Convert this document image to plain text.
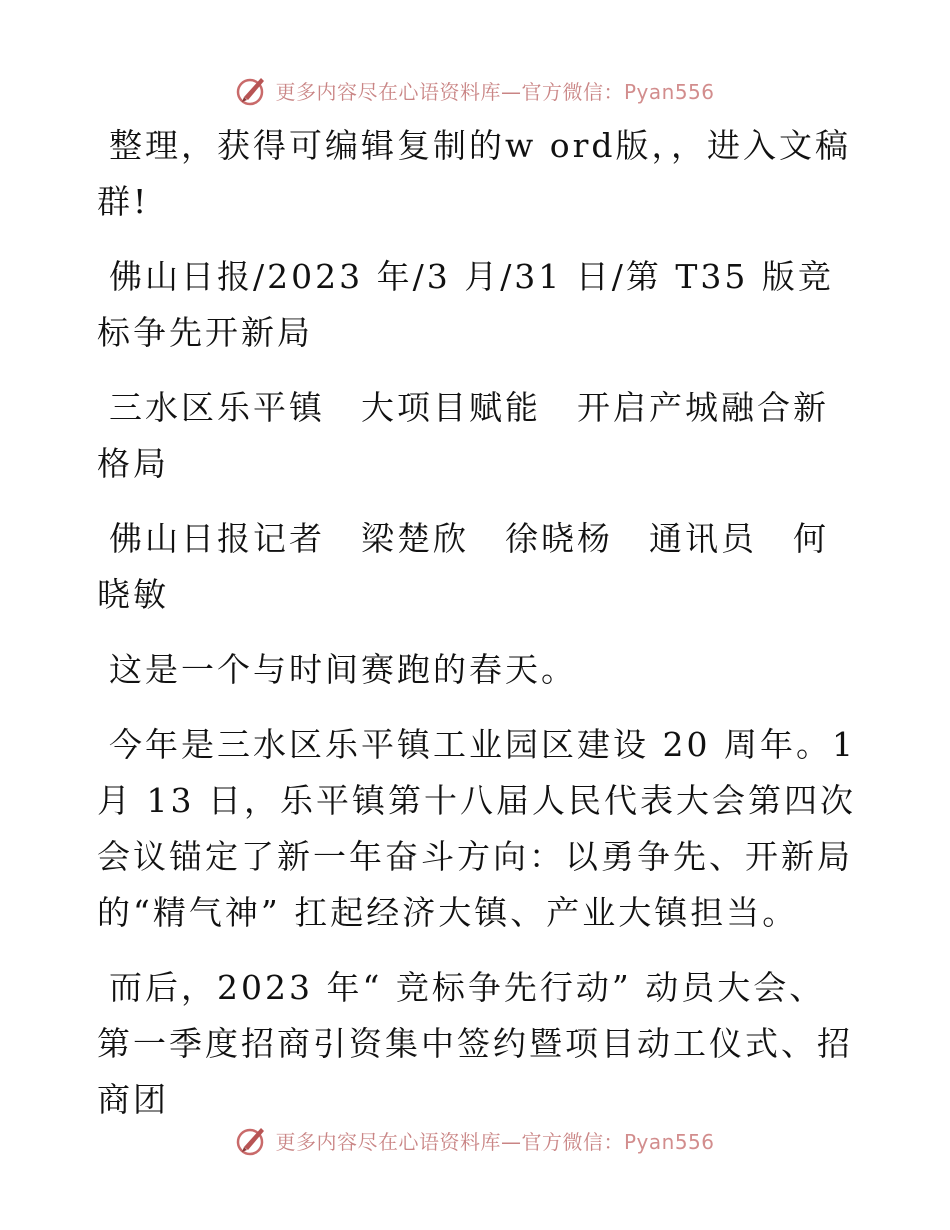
更多内容尽在心语资料库—官方微信：Pyan556

整理，获得可编辑复制的w ord版，，进入文稿群!

佛山日报/2023 年/3 月/31 日/第 T35 版竞标争先开新局

三水区乐平镇　大项目赋能　开启产城融合新格局

佛山日报记者　梁楚欣　徐晓杨　通讯员　何晓敏

这是一个与时间赛跑的春天。

今年是三水区乐平镇工业园区建设 20 周年。1 月 13 日，乐平镇第十八届人民代表大会第四次会议锚定了新一年奋斗方向：以勇争先、开新局的“精气神” 扛起经济大镇、产业大镇担当。

而后，2023 年“ 竞标争先行动” 动员大会、第一季度招商引资集中签约暨项目动工仪式、招商团

更多内容尽在心语资料库—官方微信：Pyan556
